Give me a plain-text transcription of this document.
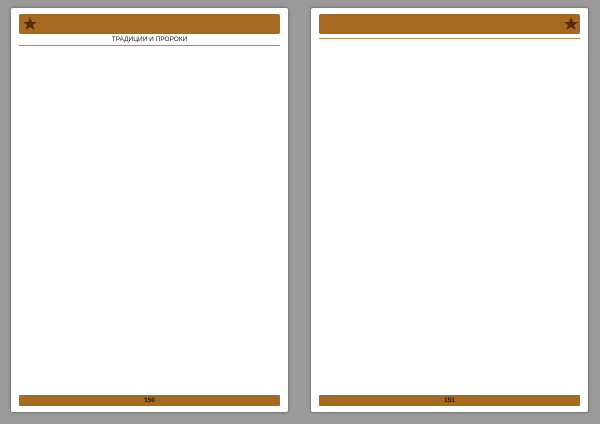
ТРАДИЦИИ И ПРОРОКИ
150	151
